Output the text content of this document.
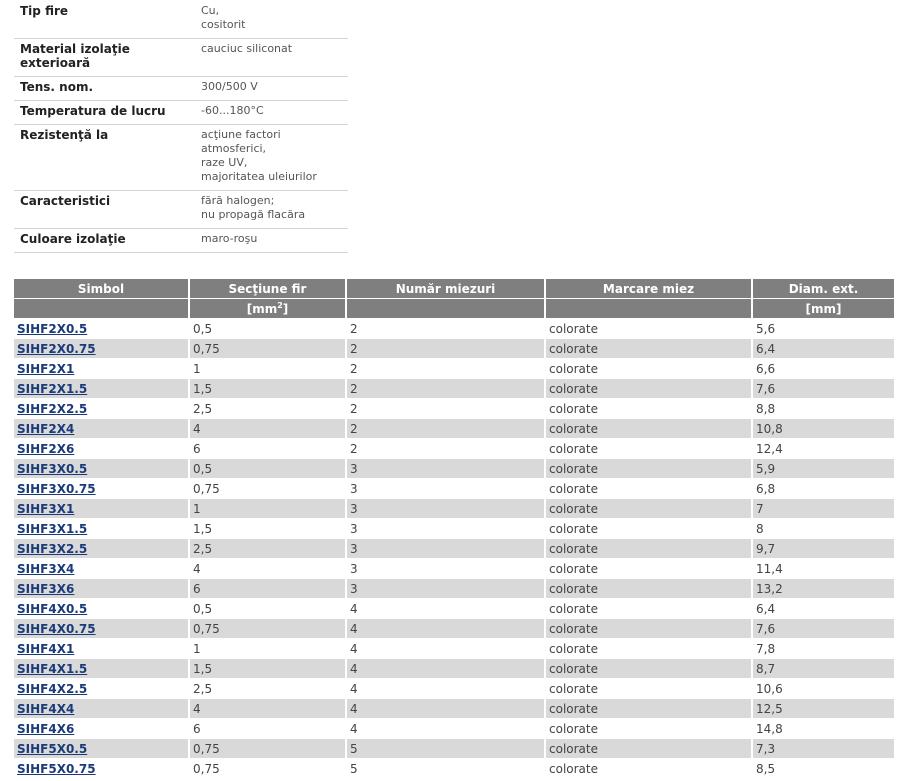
Tip fire	Cu,
cositorit

Material izolaţie exterioară	cauciuc siliconat

Tens. nom.	300/500 V

Temperatura de lucru	-60...180°C

Rezistenţă la	acţiune factori atmosferici,
raze UV,
majoritatea uleiurilor

Caracteristici	fără halogen;
nu propagă flacăra

Culoare izolaţie	maro-roşu
Simbol	Secţiune fir	Număr miezuri	Marcare miez	Diam. ext.
	$[mm^2]$			[mm]
SIHF2X0.5	0,5	2	colorate	5,6
SIHF2X0.75	0,75	2	colorate	6,4
SIHF2X1	1	2	colorate	6,6
SIHF2X1.5	1,5	2	colorate	7,6
SIHF2X2.5	2,5	2	colorate	8,8
SIHF2X4	4	2	colorate	10,8
SIHF2X6	6	2	colorate	12,4
SIHF3X0.5	0,5	3	colorate	5,9
SIHF3X0.75	0,75	3	colorate	6,8
SIHF3X1	1	3	colorate	7
SIHF3X1.5	1,5	3	colorate	8
SIHF3X2.5	2,5	3	colorate	9,7
SIHF3X4	4	3	colorate	11,4
SIHF3X6	6	3	colorate	13,2
SIHF4X0.5	0,5	4	colorate	6,4
SIHF4X0.75	0,75	4	colorate	7,6
SIHF4X1	1	4	colorate	7,8
SIHF4X1.5	1,5	4	colorate	8,7
SIHF4X2.5	2,5	4	colorate	10,6
SIHF4X4	4	4	colorate	12,5
SIHF4X6	6	4	colorate	14,8
SIHF5X0.5	0,75	5	colorate	7,3
SIHF5X0.75	0,75	5	colorate	8,5
